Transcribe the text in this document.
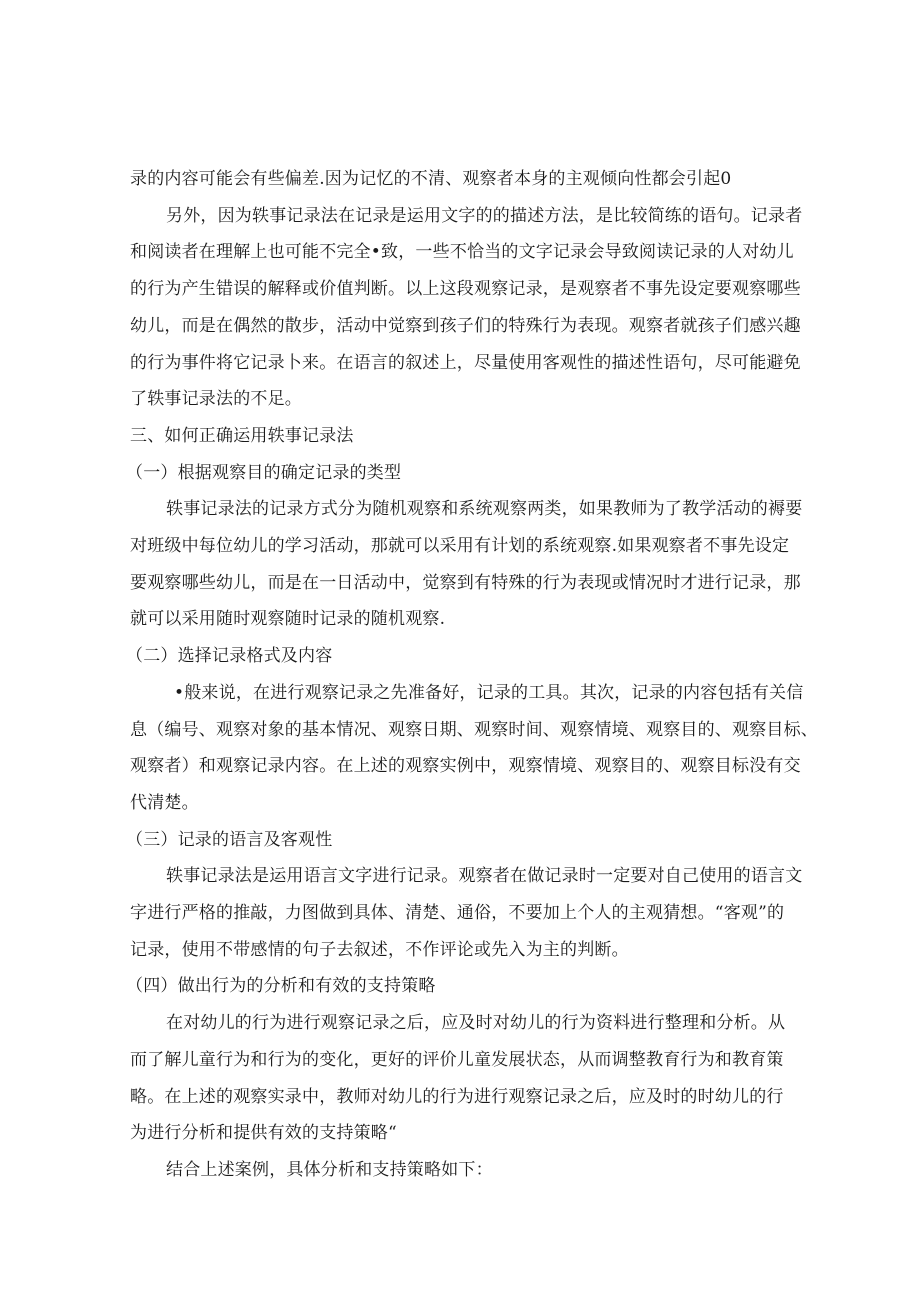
录的内容可能会有些偏差.因为记忆的不清、观察者本身的主观倾向性都会引起0
另外，因为轶事记录法在记录是运用文字的的描述方法，是比较简练的语句。记录者
和阅读者在理解上也可能不完全•致，一些不恰当的文字记录会导致阅读记录的人对幼儿
的行为产生错误的解释或价值判断。以上这段观察记录，是观察者不事先设定要观察哪些
幼儿，而是在偶然的散步，活动中觉察到孩子们的特殊行为表现。观察者就孩子们感兴趣
的行为事件将它记录卜来。在语言的叙述上，尽量使用客观性的描述性语句，尽可能避免
了轶事记录法的不足。
三、如何正确运用轶事记录法
（一）根据观察目的确定记录的类型
轶事记录法的记录方式分为随机观察和系统观察两类，如果教师为了教学活动的褥要
对班级中每位幼儿的学习活动，那就可以采用有计划的系统观察.如果观察者不事先设定
要观察哪些幼儿，而是在一日活动中，觉察到有特殊的行为表现或情况时才进行记录，那
就可以采用随时观察随时记录的随机观察.
（二）选择记录格式及内容
•般来说，在进行观察记录之先准备好，记录的工具。其次，记录的内容包括有关信
息（编号、观察对象的基本情况、观察日期、观察时间、观察情境、观察目的、观察目标、
观察者）和观察记录内容。在上述的观察实例中，观察情境、观察目的、观察目标没有交
代清楚。
（三）记录的语言及客观性
轶事记录法是运用语言文字进行记录。观察者在做记录时一定要对自己使用的语言文
字进行严格的推敲，力图做到具体、清楚、通俗，不要加上个人的主观猜想。“客观”的
记录，使用不带感情的句子去叙述，不作评论或先入为主的判断。
（四）做出行为的分析和有效的支持策略
在对幼儿的行为进行观察记录之后，应及时对幼儿的行为资料进行整理和分析。从
而了解儿童行为和行为的变化，更好的评价儿童发展状态，从而调整教育行为和教育策
略。在上述的观察实录中，教师对幼儿的行为进行观察记录之后，应及时的时幼儿的行
为进行分析和提供有效的支持策略“
结合上述案例，具体分析和支持策略如下：
